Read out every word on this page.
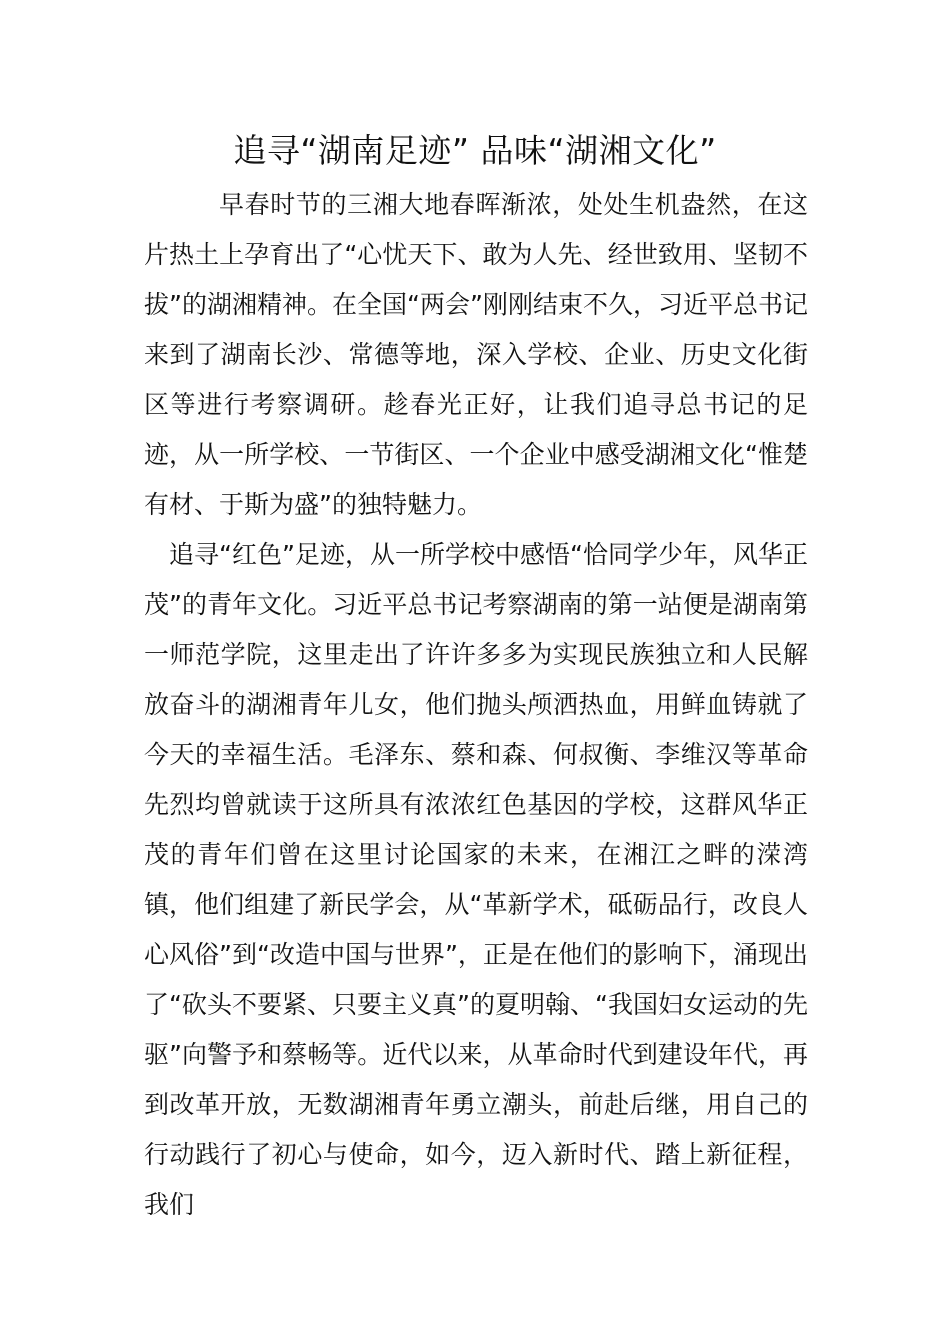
追寻“湖南足迹” 品味“湖湘文化”

早春时节的三湘大地春晖渐浓，处处生机盎然，在这片热土上孕育出了“心忧天下、敢为人先、经世致用、坚韧不拔”的湖湘精神。在全国“两会”刚刚结束不久，习近平总书记来到了湖南长沙、常德等地，深入学校、企业、历史文化街区等进行考察调研。趁春光正好，让我们追寻总书记的足迹，从一所学校、一节街区、一个企业中感受湖湘文化“惟楚有材、于斯为盛”的独特魅力。

追寻“红色”足迹，从一所学校中感悟“恰同学少年，风华正茂”的青年文化。习近平总书记考察湖南的第一站便是湖南第一师范学院，这里走出了许许多多为实现民族独立和人民解放奋斗的湖湘青年儿女，他们抛头颅洒热血，用鲜血铸就了今天的幸福生活。毛泽东、蔡和森、何叔衡、李维汉等革命先烈均曾就读于这所具有浓浓红色基因的学校，这群风华正茂的青年们曾在这里讨论国家的未来，在湘江之畔的溁湾镇，他们组建了新民学会，从“革新学术，砥砺品行，改良人心风俗”到“改造中国与世界”，正是在他们的影响下，涌现出了“砍头不要紧、只要主义真”的夏明翰、“我国妇女运动的先驱”向警予和蔡畅等。近代以来，从革命时代到建设年代，再到改革开放，无数湖湘青年勇立潮头，前赴后继，用自己的行动践行了初心与使命，如今，迈入新时代、踏上新征程，我们
